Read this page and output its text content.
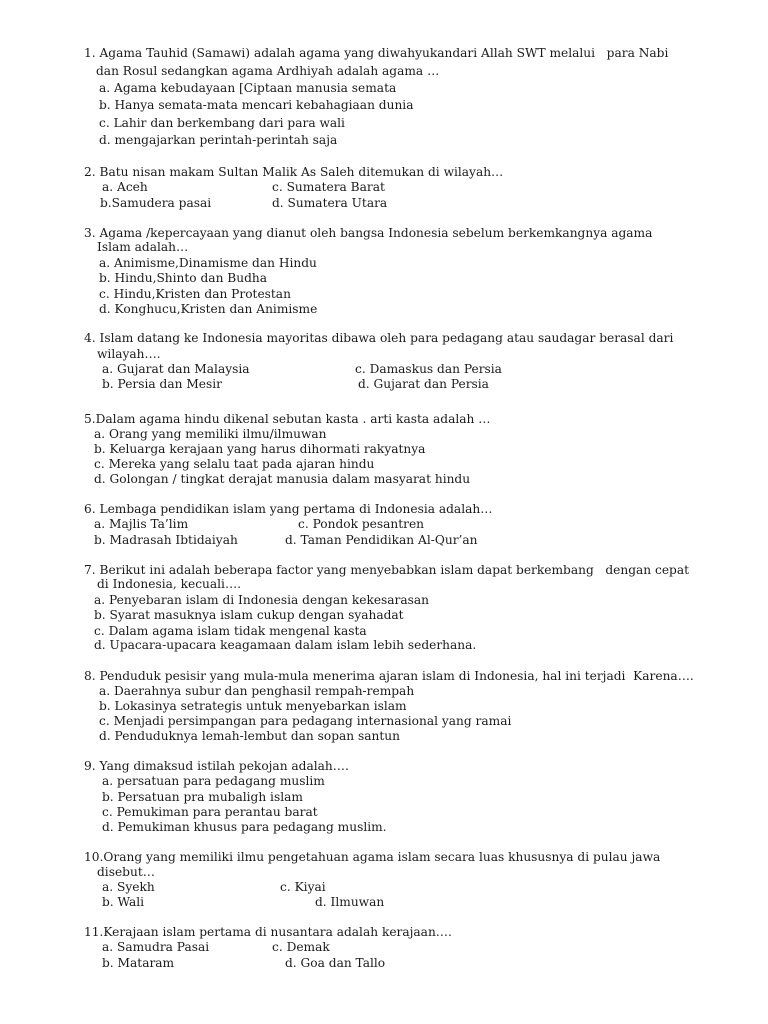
1. Agama Tauhid (Samawi) adalah agama yang diwahyukandari Allah SWT melalui   para Nabi
dan Rosul sedangkan agama Ardhiyah adalah agama …
a. Agama kebudayaan [Ciptaan manusia semata
b. Hanya semata-mata mencari kebahagiaan dunia
c. Lahir dan berkembang dari para wali
d. mengajarkan perintah-perintah saja
2. Batu nisan makam Sultan Malik As Saleh ditemukan di wilayah…
a. Aceh	c. Sumatera Barat
b.Samudera pasai	d. Sumatera Utara
3. Agama /kepercayaan yang dianut oleh bangsa Indonesia sebelum berkemkangnya agama
Islam adalah…
a. Animisme,Dinamisme dan Hindu
b. Hindu,Shinto dan Budha
c. Hindu,Kristen dan Protestan
d. Konghucu,Kristen dan Animisme
4. Islam datang ke Indonesia mayoritas dibawa oleh para pedagang atau saudagar berasal dari
wilayah….
a. Gujarat dan Malaysia	c. Damaskus dan Persia
b. Persia dan Mesir	d. Gujarat dan Persia
5.Dalam agama hindu dikenal sebutan kasta . arti kasta adalah …
a. Orang yang memiliki ilmu/ilmuwan
b. Keluarga kerajaan yang harus dihormati rakyatnya
c. Mereka yang selalu taat pada ajaran hindu
d. Golongan / tingkat derajat manusia dalam masyarat hindu
6. Lembaga pendidikan islam yang pertama di Indonesia adalah…
a. Majlis Ta’lim	c. Pondok pesantren
b. Madrasah Ibtidaiyah	d. Taman Pendidikan Al-Qur’an
7. Berikut ini adalah beberapa factor yang menyebabkan islam dapat berkembang   dengan cepat
di Indonesia, kecuali….
a. Penyebaran islam di Indonesia dengan kekesarasan
b. Syarat masuknya islam cukup dengan syahadat
c. Dalam agama islam tidak mengenal kasta
d. Upacara-upacara keagamaan dalam islam lebih sederhana.
8. Penduduk pesisir yang mula-mula menerima ajaran islam di Indonesia, hal ini terjadi  Karena….
a. Daerahnya subur dan penghasil rempah-rempah
b. Lokasinya setrategis untuk menyebarkan islam
c. Menjadi persimpangan para pedagang internasional yang ramai
d. Penduduknya lemah-lembut dan sopan santun
9. Yang dimaksud istilah pekojan adalah….
a. persatuan para pedagang muslim
b. Persatuan pra mubaligh islam
c. Pemukiman para perantau barat
d. Pemukiman khusus para pedagang muslim.
10.Orang yang memiliki ilmu pengetahuan agama islam secara luas khususnya di pulau jawa
disebut…
a. Syekh	c. Kiyai
b. Wali	d. Ilmuwan
11.Kerajaan islam pertama di nusantara adalah kerajaan….
a. Samudra Pasai	c. Demak
b. Mataram	d. Goa dan Tallo
